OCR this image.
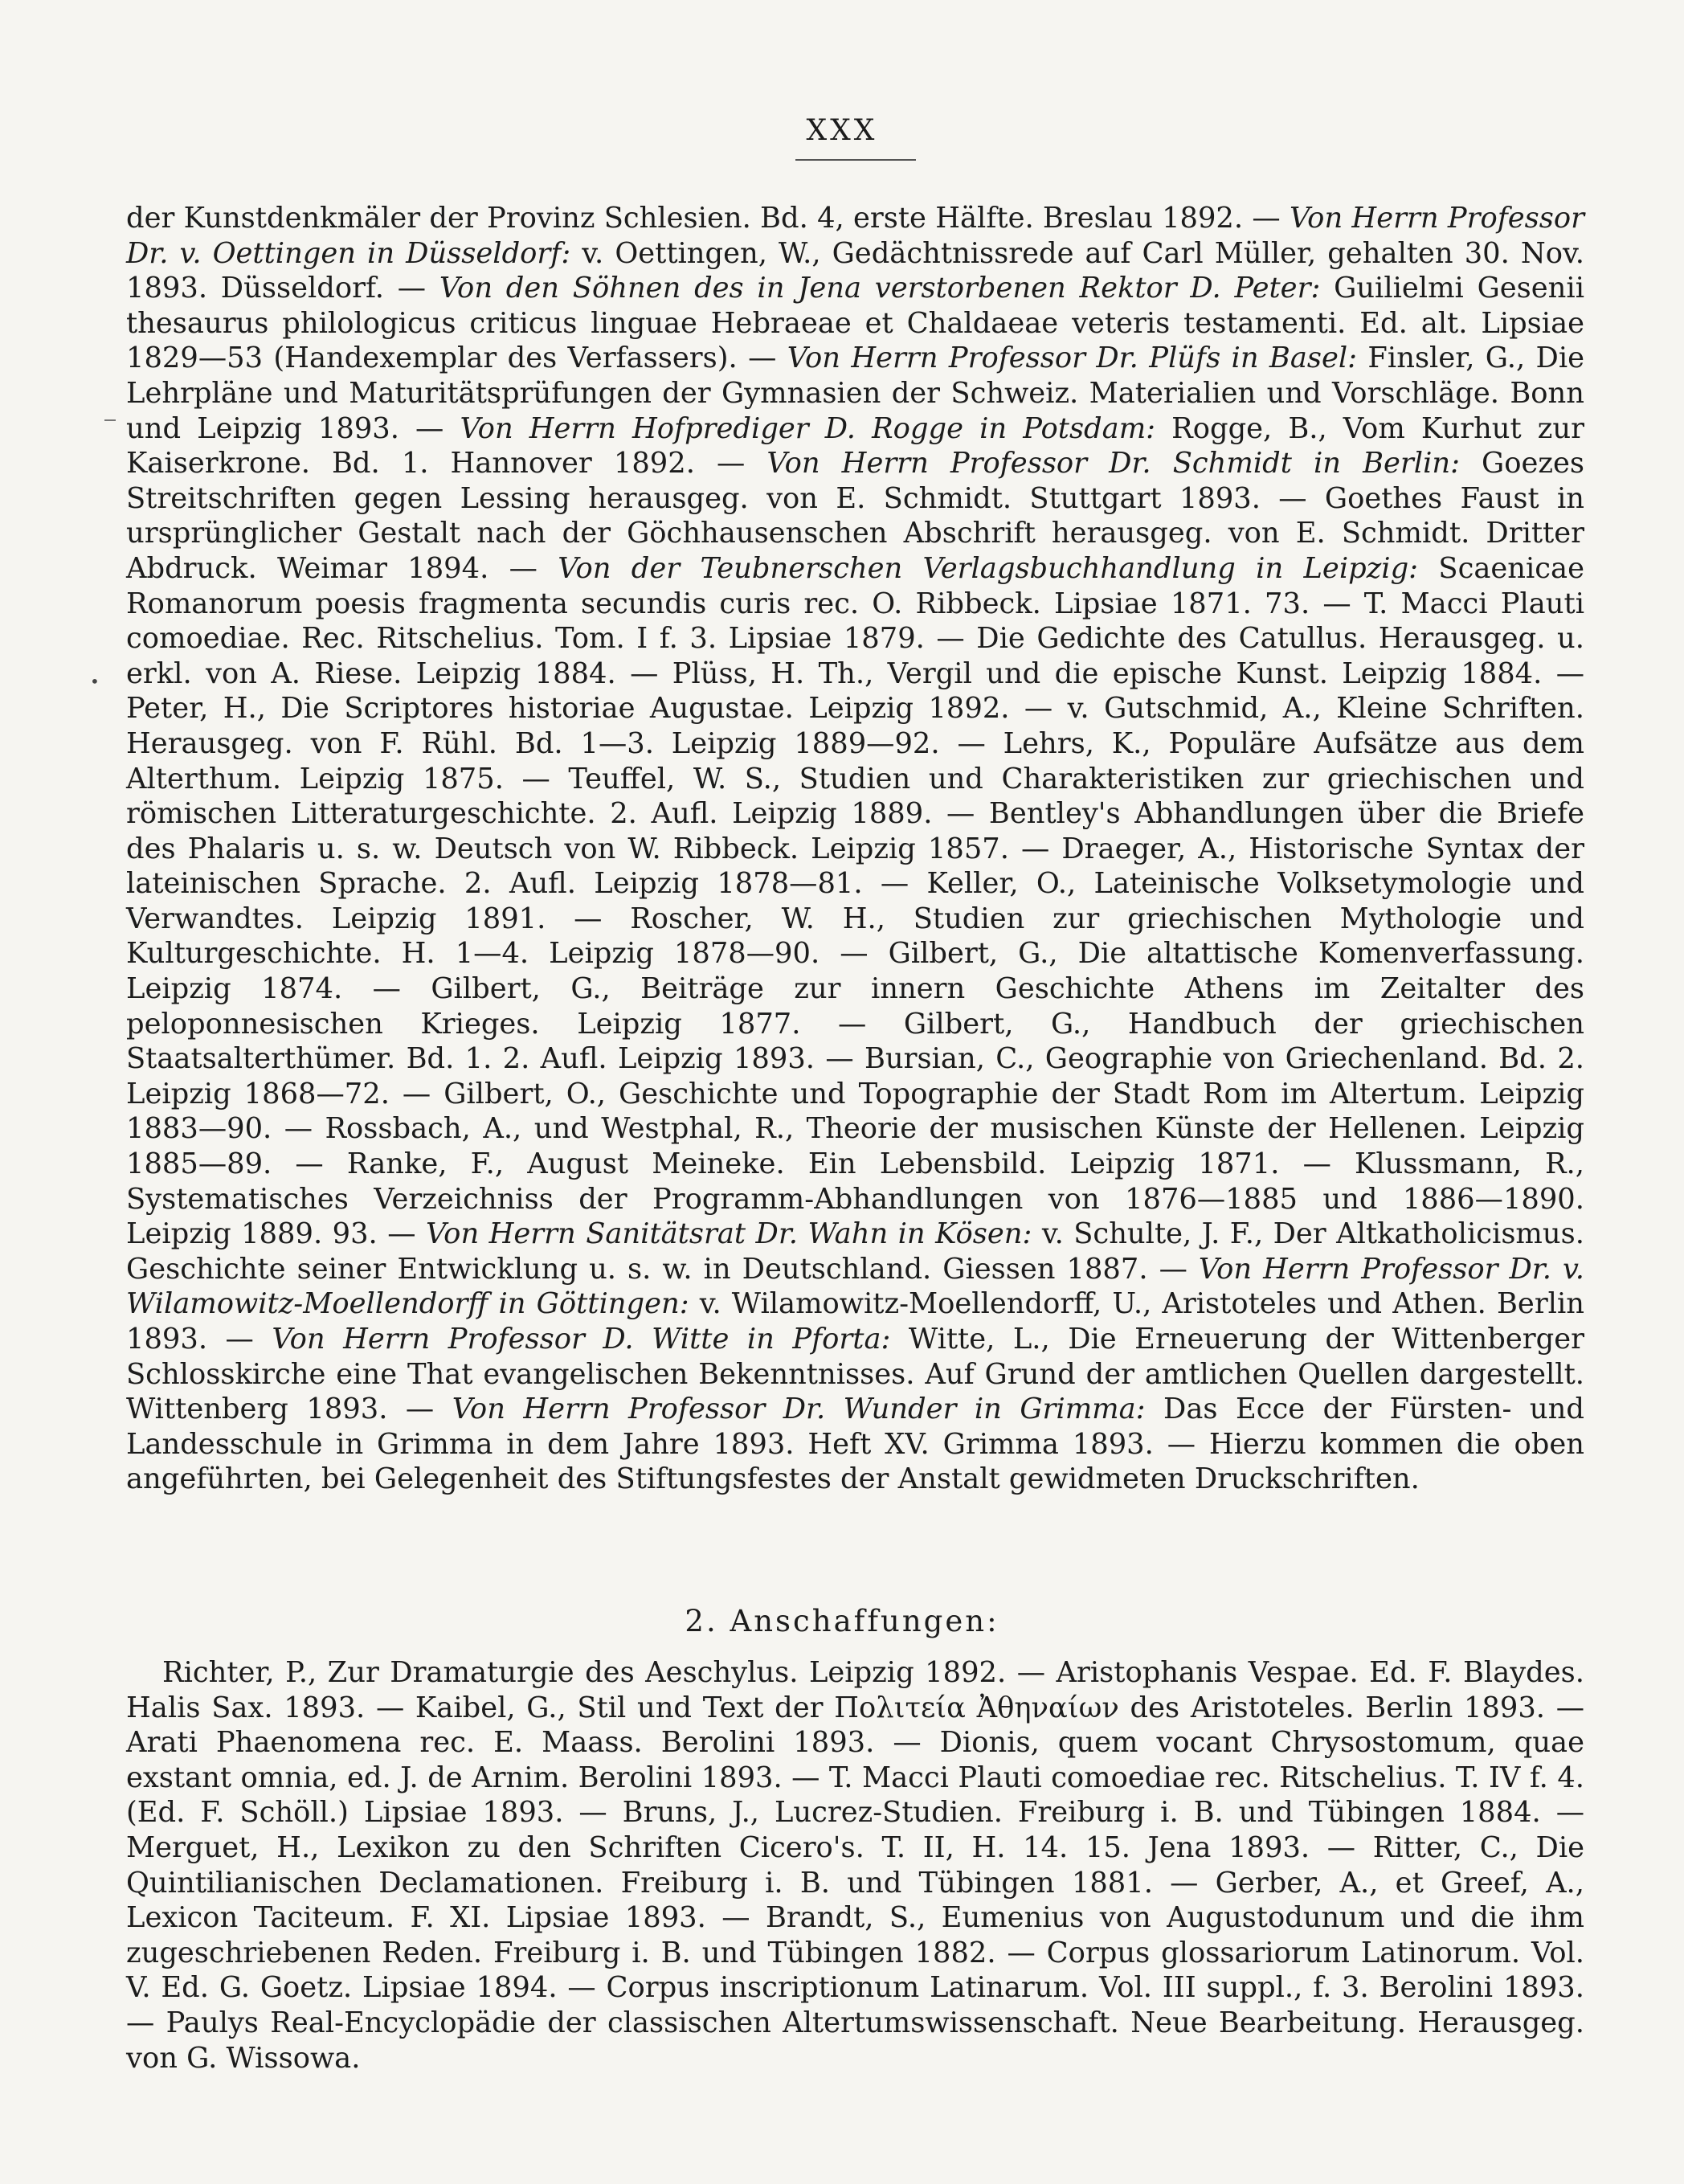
XXX
•
der Kunstdenkmäler der Provinz Schlesien. Bd. 4, erste Hälfte. Breslau 1892. — Von Herrn Professor Dr. v. Oettingen in Düsseldorf: v. Oettingen, W., Gedächtnissrede auf Carl Müller, gehalten 30. Nov. 1893. Düsseldorf. — Von den Söhnen des in Jena verstorbenen Rektor D. Peter: Guilielmi Gesenii thesaurus philologicus criticus linguae Hebraeae et Chaldaeae veteris testamenti. Ed. alt. Lipsiae 1829—53 (Handexemplar des Verfassers). — Von Herrn Professor Dr. Plüfs in Basel: Finsler, G., Die Lehrpläne und Maturitätsprüfungen der Gymnasien der Schweiz. Materialien und Vorschläge. Bonn und Leipzig 1893. — Von Herrn Hofprediger D. Rogge in Potsdam: Rogge, B., Vom Kurhut zur Kaiserkrone. Bd. 1. Hannover 1892. — Von Herrn Professor Dr. Schmidt in Berlin: Goezes Streitschriften gegen Lessing herausgeg. von E. Schmidt. Stuttgart 1893. — Goethes Faust in ursprünglicher Gestalt nach der Göchhausenschen Abschrift herausgeg. von E. Schmidt. Dritter Abdruck. Weimar 1894. — Von der Teubnerschen Verlagsbuchhandlung in Leipzig: Scaenicae Romanorum poesis fragmenta secundis curis rec. O. Ribbeck. Lipsiae 1871. 73. — T. Macci Plauti comoediae. Rec. Ritschelius. Tom. I f. 3. Lipsiae 1879. — Die Gedichte des Catullus. Herausgeg. u. erkl. von A. Riese. Leipzig 1884. — Plüss, H. Th., Vergil und die epische Kunst. Leipzig 1884. — Peter, H., Die Scriptores historiae Augustae. Leipzig 1892. — v. Gutschmid, A., Kleine Schriften. Herausgeg. von F. Rühl. Bd. 1—3. Leipzig 1889—92. — Lehrs, K., Populäre Aufsätze aus dem Alterthum. Leipzig 1875. — Teuffel, W. S., Studien und Charakteristiken zur griechischen und römischen Litteraturgeschichte. 2. Aufl. Leipzig 1889. — Bentley's Abhandlungen über die Briefe des Phalaris u. s. w. Deutsch von W. Ribbeck. Leipzig 1857. — Draeger, A., Historische Syntax der lateinischen Sprache. 2. Aufl. Leipzig 1878—81. — Keller, O., Lateinische Volksetymologie und Verwandtes. Leipzig 1891. — Roscher, W. H., Studien zur griechischen Mythologie und Kulturgeschichte. H. 1—4. Leipzig 1878—90. — Gilbert, G., Die altattische Komenverfassung. Leipzig 1874. — Gilbert, G., Beiträge zur innern Geschichte Athens im Zeitalter des peloponnesischen Krieges. Leipzig 1877. — Gilbert, G., Handbuch der griechischen Staatsalterthümer. Bd. 1. 2. Aufl. Leipzig 1893. — Bursian, C., Geographie von Griechenland. Bd. 2. Leipzig 1868—72. — Gilbert, O., Geschichte und Topographie der Stadt Rom im Altertum. Leipzig 1883—90. — Rossbach, A., und Westphal, R., Theorie der musischen Künste der Hellenen. Leipzig 1885—89. — Ranke, F., August Meineke. Ein Lebensbild. Leipzig 1871. — Klussmann, R., Systematisches Verzeichniss der Programm-Abhandlungen von 1876—1885 und 1886—1890. Leipzig 1889. 93. — Von Herrn Sanitätsrat Dr. Wahn in Kösen: v. Schulte, J. F., Der Altkatholicismus. Geschichte seiner Entwicklung u. s. w. in Deutschland. Giessen 1887. — Von Herrn Professor Dr. v. Wilamowitz-Moellendorff in Göttingen: v. Wilamowitz-Moellendorff, U., Aristoteles und Athen. Berlin 1893. — Von Herrn Professor D. Witte in Pforta: Witte, L., Die Erneuerung der Wittenberger Schlosskirche eine That evangelischen Bekenntnisses. Auf Grund der amtlichen Quellen dargestellt. Wittenberg 1893. — Von Herrn Professor Dr. Wunder in Grimma: Das Ecce der Fürsten- und Landesschule in Grimma in dem Jahre 1893. Heft XV. Grimma 1893. — Hierzu kommen die oben angeführten, bei Gelegenheit des Stiftungsfestes der Anstalt gewidmeten Druckschriften.
2. Anschaffungen:
Richter, P., Zur Dramaturgie des Aeschylus. Leipzig 1892. — Aristophanis Vespae. Ed. F. Blaydes. Halis Sax. 1893. — Kaibel, G., Stil und Text der Πολιτεία Ἀθηναίων des Aristoteles. Berlin 1893. — Arati Phaenomena rec. E. Maass. Berolini 1893. — Dionis, quem vocant Chrysostomum, quae exstant omnia, ed. J. de Arnim. Berolini 1893. — T. Macci Plauti comoediae rec. Ritschelius. T. IV f. 4. (Ed. F. Schöll.) Lipsiae 1893. — Bruns, J., Lucrez-Studien. Freiburg i. B. und Tübingen 1884. — Merguet, H., Lexikon zu den Schriften Cicero's. T. II, H. 14. 15. Jena 1893. — Ritter, C., Die Quintilianischen Declamationen. Freiburg i. B. und Tübingen 1881. — Gerber, A., et Greef, A., Lexicon Taciteum. F. XI. Lipsiae 1893. — Brandt, S., Eumenius von Augustodunum und die ihm zugeschriebenen Reden. Freiburg i. B. und Tübingen 1882. — Corpus glossariorum Latinorum. Vol. V. Ed. G. Goetz. Lipsiae 1894. — Corpus inscriptionum Latinarum. Vol. III suppl., f. 3. Berolini 1893. — Paulys Real-Encyclopädie der classischen Altertumswissenschaft. Neue Bearbeitung. Herausgeg. von G. Wissowa.
